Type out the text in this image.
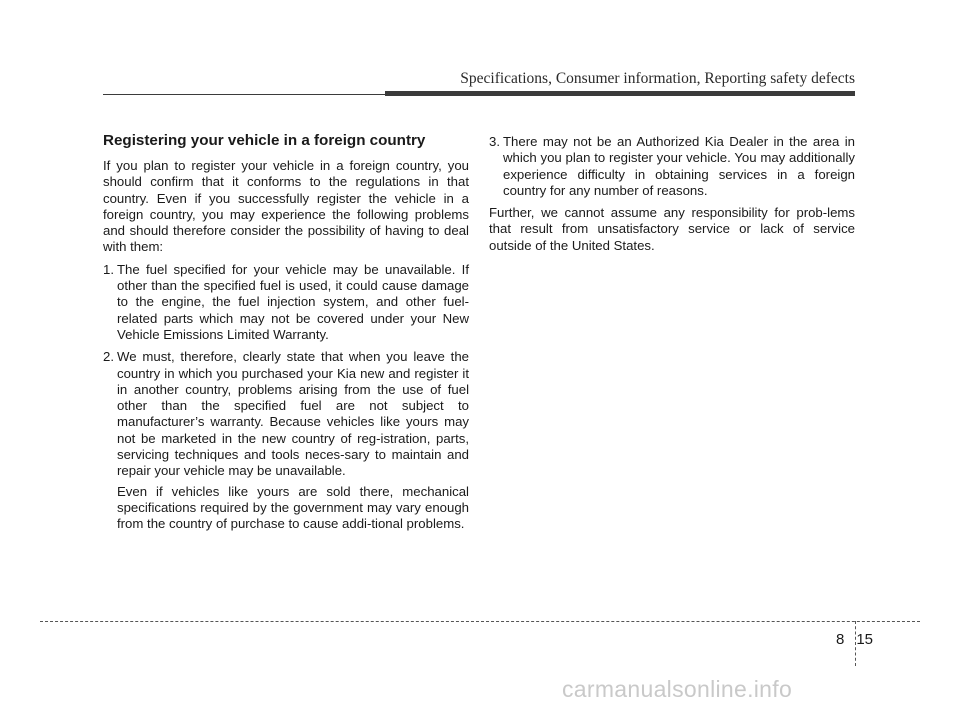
Specifications, Consumer information, Reporting safety defects
Registering your vehicle in a foreign country

If you plan to register your vehicle in a foreign country, you should confirm that it conforms to the regulations in that country. Even if you successfully register the vehicle in a foreign country, you may experience the following problems and should therefore consider the possibility of having to deal with them:

1. The fuel specified for your vehicle may be unavailable. If other than the specified fuel is used, it could cause damage to the engine, the fuel injection system, and other fuel-related parts which may not be covered under your New Vehicle Emissions Limited Warranty.
2. We must, therefore, clearly state that when you leave the country in which you purchased your Kia new and register it in another country, problems arising from the use of fuel other than the specified fuel are not subject to manufacturer’s warranty. Because vehicles like yours may not be marketed in the new country of reg-istration, parts, servicing techniques and tools neces-sary to maintain and repair your vehicle may be unavailable.
Even if vehicles like yours are sold there, mechanical specifications required by the government may vary enough from the country of purchase to cause addi-tional problems.
3. There may not be an Authorized Kia Dealer in the area in which you plan to register your vehicle. You may additionally experience difficulty in obtaining services in a foreign country for any number of reasons.

Further, we cannot assume any responsibility for prob-lems that result from unsatisfactory service or lack of service outside of the United States.

8 15
carmanualsonline.info
